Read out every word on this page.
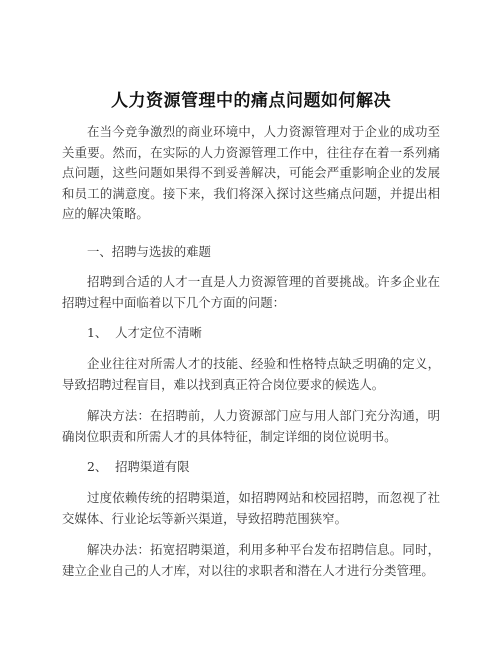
人力资源管理中的痛点问题如何解决

在当今竞争激烈的商业环境中，人力资源管理对于企业的成功至关重要。然而，在实际的人力资源管理工作中，往往存在着一系列痛点问题，这些问题如果得不到妥善解决，可能会严重影响企业的发展和员工的满意度。接下来，我们将深入探讨这些痛点问题，并提出相应的解决策略。

一、招聘与选拔的难题

招聘到合适的人才一直是人力资源管理的首要挑战。许多企业在招聘过程中面临着以下几个方面的问题：

1、  人才定位不清晰

企业往往对所需人才的技能、经验和性格特点缺乏明确的定义，导致招聘过程盲目，难以找到真正符合岗位要求的候选人。

解决方法：在招聘前，人力资源部门应与用人部门充分沟通，明确岗位职责和所需人才的具体特征，制定详细的岗位说明书。

2、  招聘渠道有限

过度依赖传统的招聘渠道，如招聘网站和校园招聘，而忽视了社交媒体、行业论坛等新兴渠道，导致招聘范围狭窄。

解决办法：拓宽招聘渠道，利用多种平台发布招聘信息。同时，建立企业自己的人才库，对以往的求职者和潜在人才进行分类管理。
